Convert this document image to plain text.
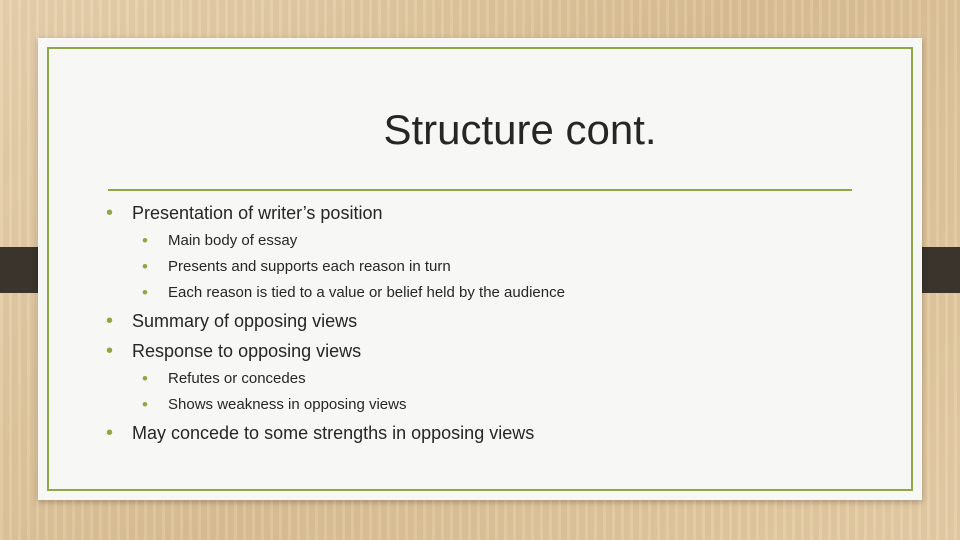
Structure cont.
• Presentation of writer’s position
• Main body of essay
• Presents and supports each reason in turn
• Each reason is tied to a value or belief held by the audience
• Summary of opposing views
• Response to opposing views
• Refutes or concedes
• Shows weakness in opposing views
• May concede to some strengths in opposing views
